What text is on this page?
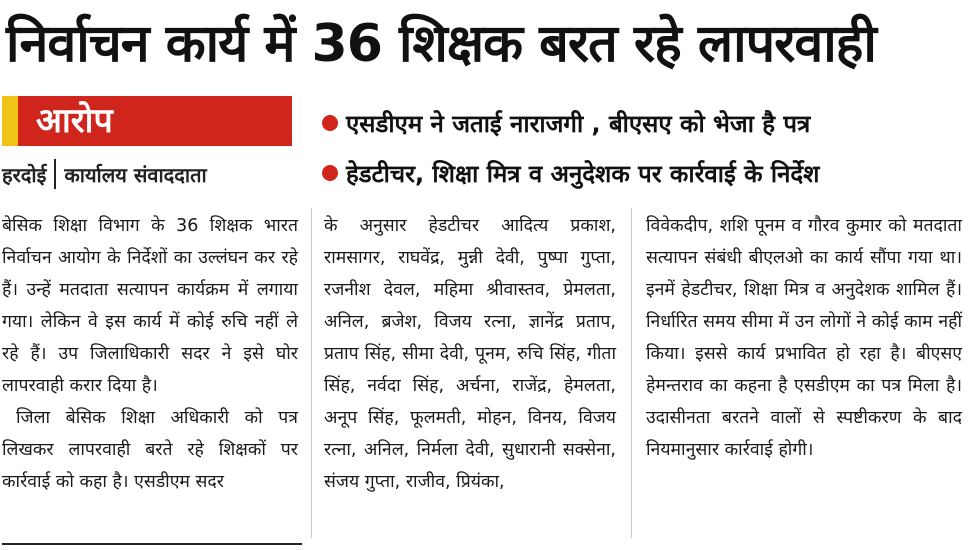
निर्वाचन कार्य में 36 शिक्षक बरत रहे लापरवाही
आरोप
हरदोई कार्यालय संवाददाता
एसडीएम ने जताई नाराजगी , बीएसए को भेजा है पत्र
हेडटीचर, शिक्षा मित्र व अनुदेशक पर कार्रवाई के निर्देश

बेसिक शिक्षा विभाग के 36 शिक्षक भारत निर्वाचन आयोग के निर्देशों का उल्लंघन कर रहे हैं। उन्हें मतदाता सत्यापन कार्यक्रम में लगाया गया। लेकिन वे इस कार्य में कोई रुचि नहीं ले रहे हैं। उप जिलाधिकारी सदर ने इसे घोर लापरवाही करार दिया है।

जिला बेसिक शिक्षा अधिकारी को पत्र लिखकर लापरवाही बरते रहे शिक्षकों पर कार्रवाई को कहा है। एसडीएम सदर

के अनुसार हेडटीचर आदित्य प्रकाश, रामसागर, राघवेंद्र, मुन्नी देवी, पुष्पा गुप्ता, रजनीश देवल, महिमा श्रीवास्तव, प्रेमलता, अनिल, ब्रजेश, विजय रत्ना, ज्ञानेंद्र प्रताप, प्रताप सिंह, सीमा देवी, पूनम, रुचि सिंह, गीता सिंह, नर्वदा सिंह, अर्चना, राजेंद्र, हेमलता, अनूप सिंह, फूलमती, मोहन, विनय, विजय रत्ना, अनिल, निर्मला देवी, सुधारानी सक्सेना, संजय गुप्ता, राजीव, प्रियंका,

विवेकदीप, शशि पूनम व गौरव कुमार को मतदाता सत्यापन संबंधी बीएलओ का कार्य सौंपा गया था। इनमें हेडटीचर, शिक्षा मित्र व अनुदेशक शामिल हैं। निर्धारित समय सीमा में उन लोगों ने कोई काम नहीं किया। इससे कार्य प्रभावित हो रहा है। बीएसए हेमन्तराव का कहना है एसडीएम का पत्र मिला है। उदासीनता बरतने वालों से स्पष्टीकरण के बाद नियमानुसार कार्रवाई होगी।
